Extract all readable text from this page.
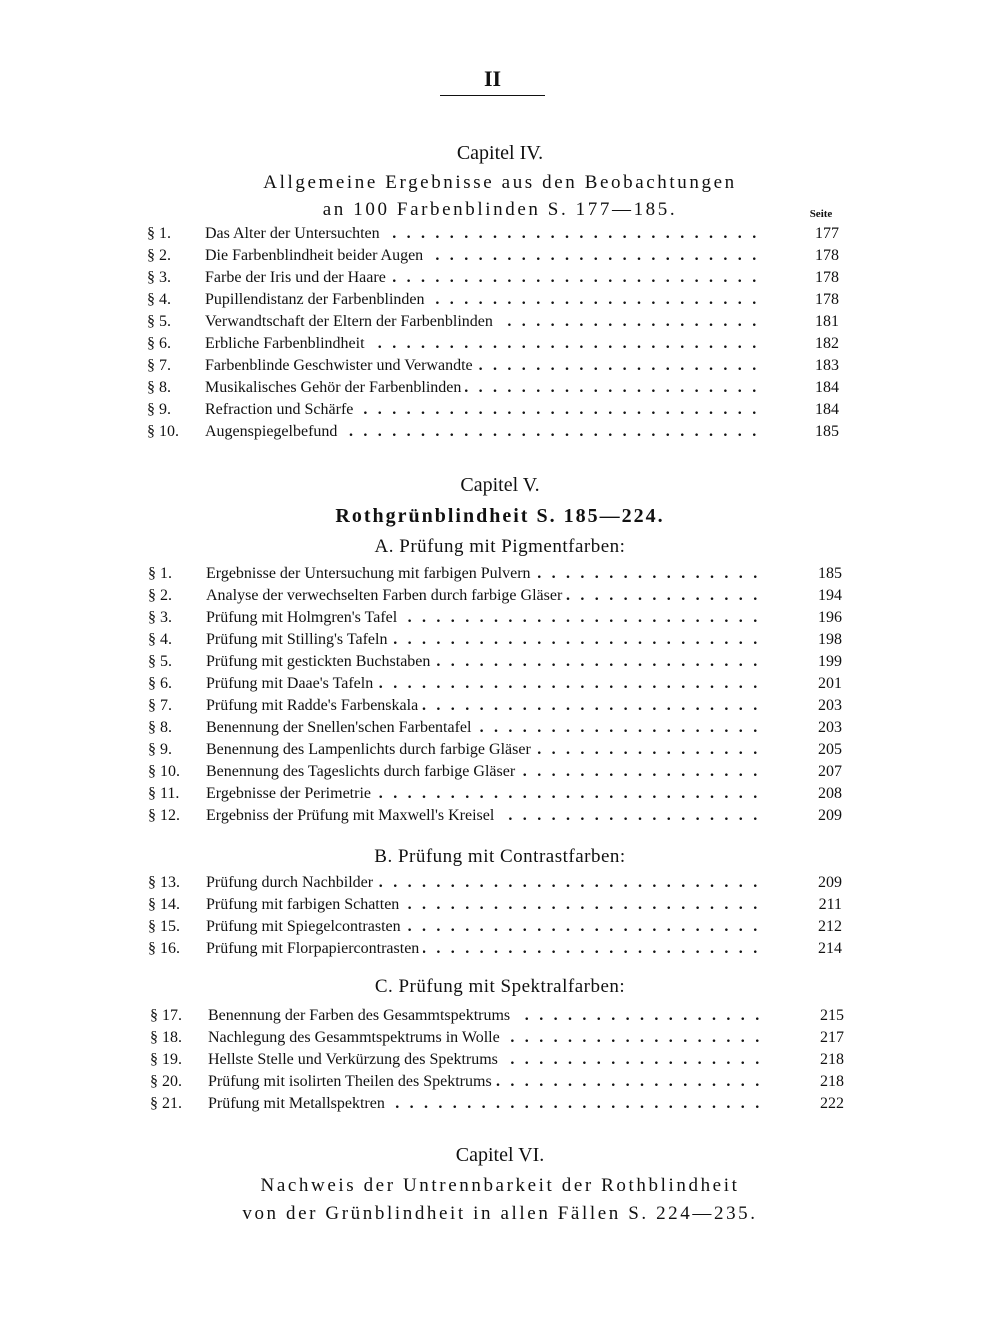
II
Capitel IV.
Allgemeine Ergebnisse aus den Beobachtungen
an 100 Farbenblinden S. 177—185.	Seite
§ 1.	Das Alter der Untersuchten . . .	177
§ 2.	Die Farbenblindheit beider Augen . . .	178
§ 3.	Farbe der Iris und der Haare . . .	178
§ 4.	Pupillendistanz der Farbenblinden . . .	178
§ 5.	Verwandtschaft der Eltern der Farbenblinden . . .	181
§ 6.	Erbliche Farbenblindheit . . .	182
§ 7.	Farbenblinde Geschwister und Verwandte . . .	183
§ 8.	Musikalisches Gehör der Farbenblinden . . .	184
§ 9.	Refraction und Schärfe . . .	184
§ 10.	Augenspiegelbefund . . .	185
Capitel V.
Rothgrünblindheit S. 185—224.
A. Prüfung mit Pigmentfarben:
§ 1.	Ergebnisse der Untersuchung mit farbigen Pulvern . . .	185
§ 2.	Analyse der verwechselten Farben durch farbige Gläser . . .	194
§ 3.	Prüfung mit Holmgren's Tafel . . .	196
§ 4.	Prüfung mit Stilling's Tafeln . . .	198
§ 5.	Prüfung mit gestickten Buchstaben . . .	199
§ 6.	Prüfung mit Daae's Tafeln . . .	201
§ 7.	Prüfung mit Radde's Farbenskala . . .	203
§ 8.	Benennung der Snellen'schen Farbentafel . . .	203
§ 9.	Benennung des Lampenlichts durch farbige Gläser . . .	205
§ 10.	Benennung des Tageslichts durch farbige Gläser . . .	207
§ 11.	Ergebnisse der Perimetrie . . .	208
§ 12.	Ergebniss der Prüfung mit Maxwell's Kreisel . . .	209
B. Prüfung mit Contrastfarben:
§ 13.	Prüfung durch Nachbilder . . .	209
§ 14.	Prüfung mit farbigen Schatten . . .	211
§ 15.	Prüfung mit Spiegelcontrasten . . .	212
§ 16.	Prüfung mit Florpapiercontrasten . . .	214
C. Prüfung mit Spektralfarben:
§ 17.	Benennung der Farben des Gesammtspektrums . . .	215
§ 18.	Nachlegung des Gesammtspektrums in Wolle . . .	217
§ 19.	Hellste Stelle und Verkürzung des Spektrums . . .	218
§ 20.	Prüfung mit isolirten Theilen des Spektrums . . .	218
§ 21.	Prüfung mit Metallspektren . . .	222
Capitel VI.
Nachweis der Untrennbarkeit der Rothblindheit
von der Grünblindheit in allen Fällen S. 224—235.
